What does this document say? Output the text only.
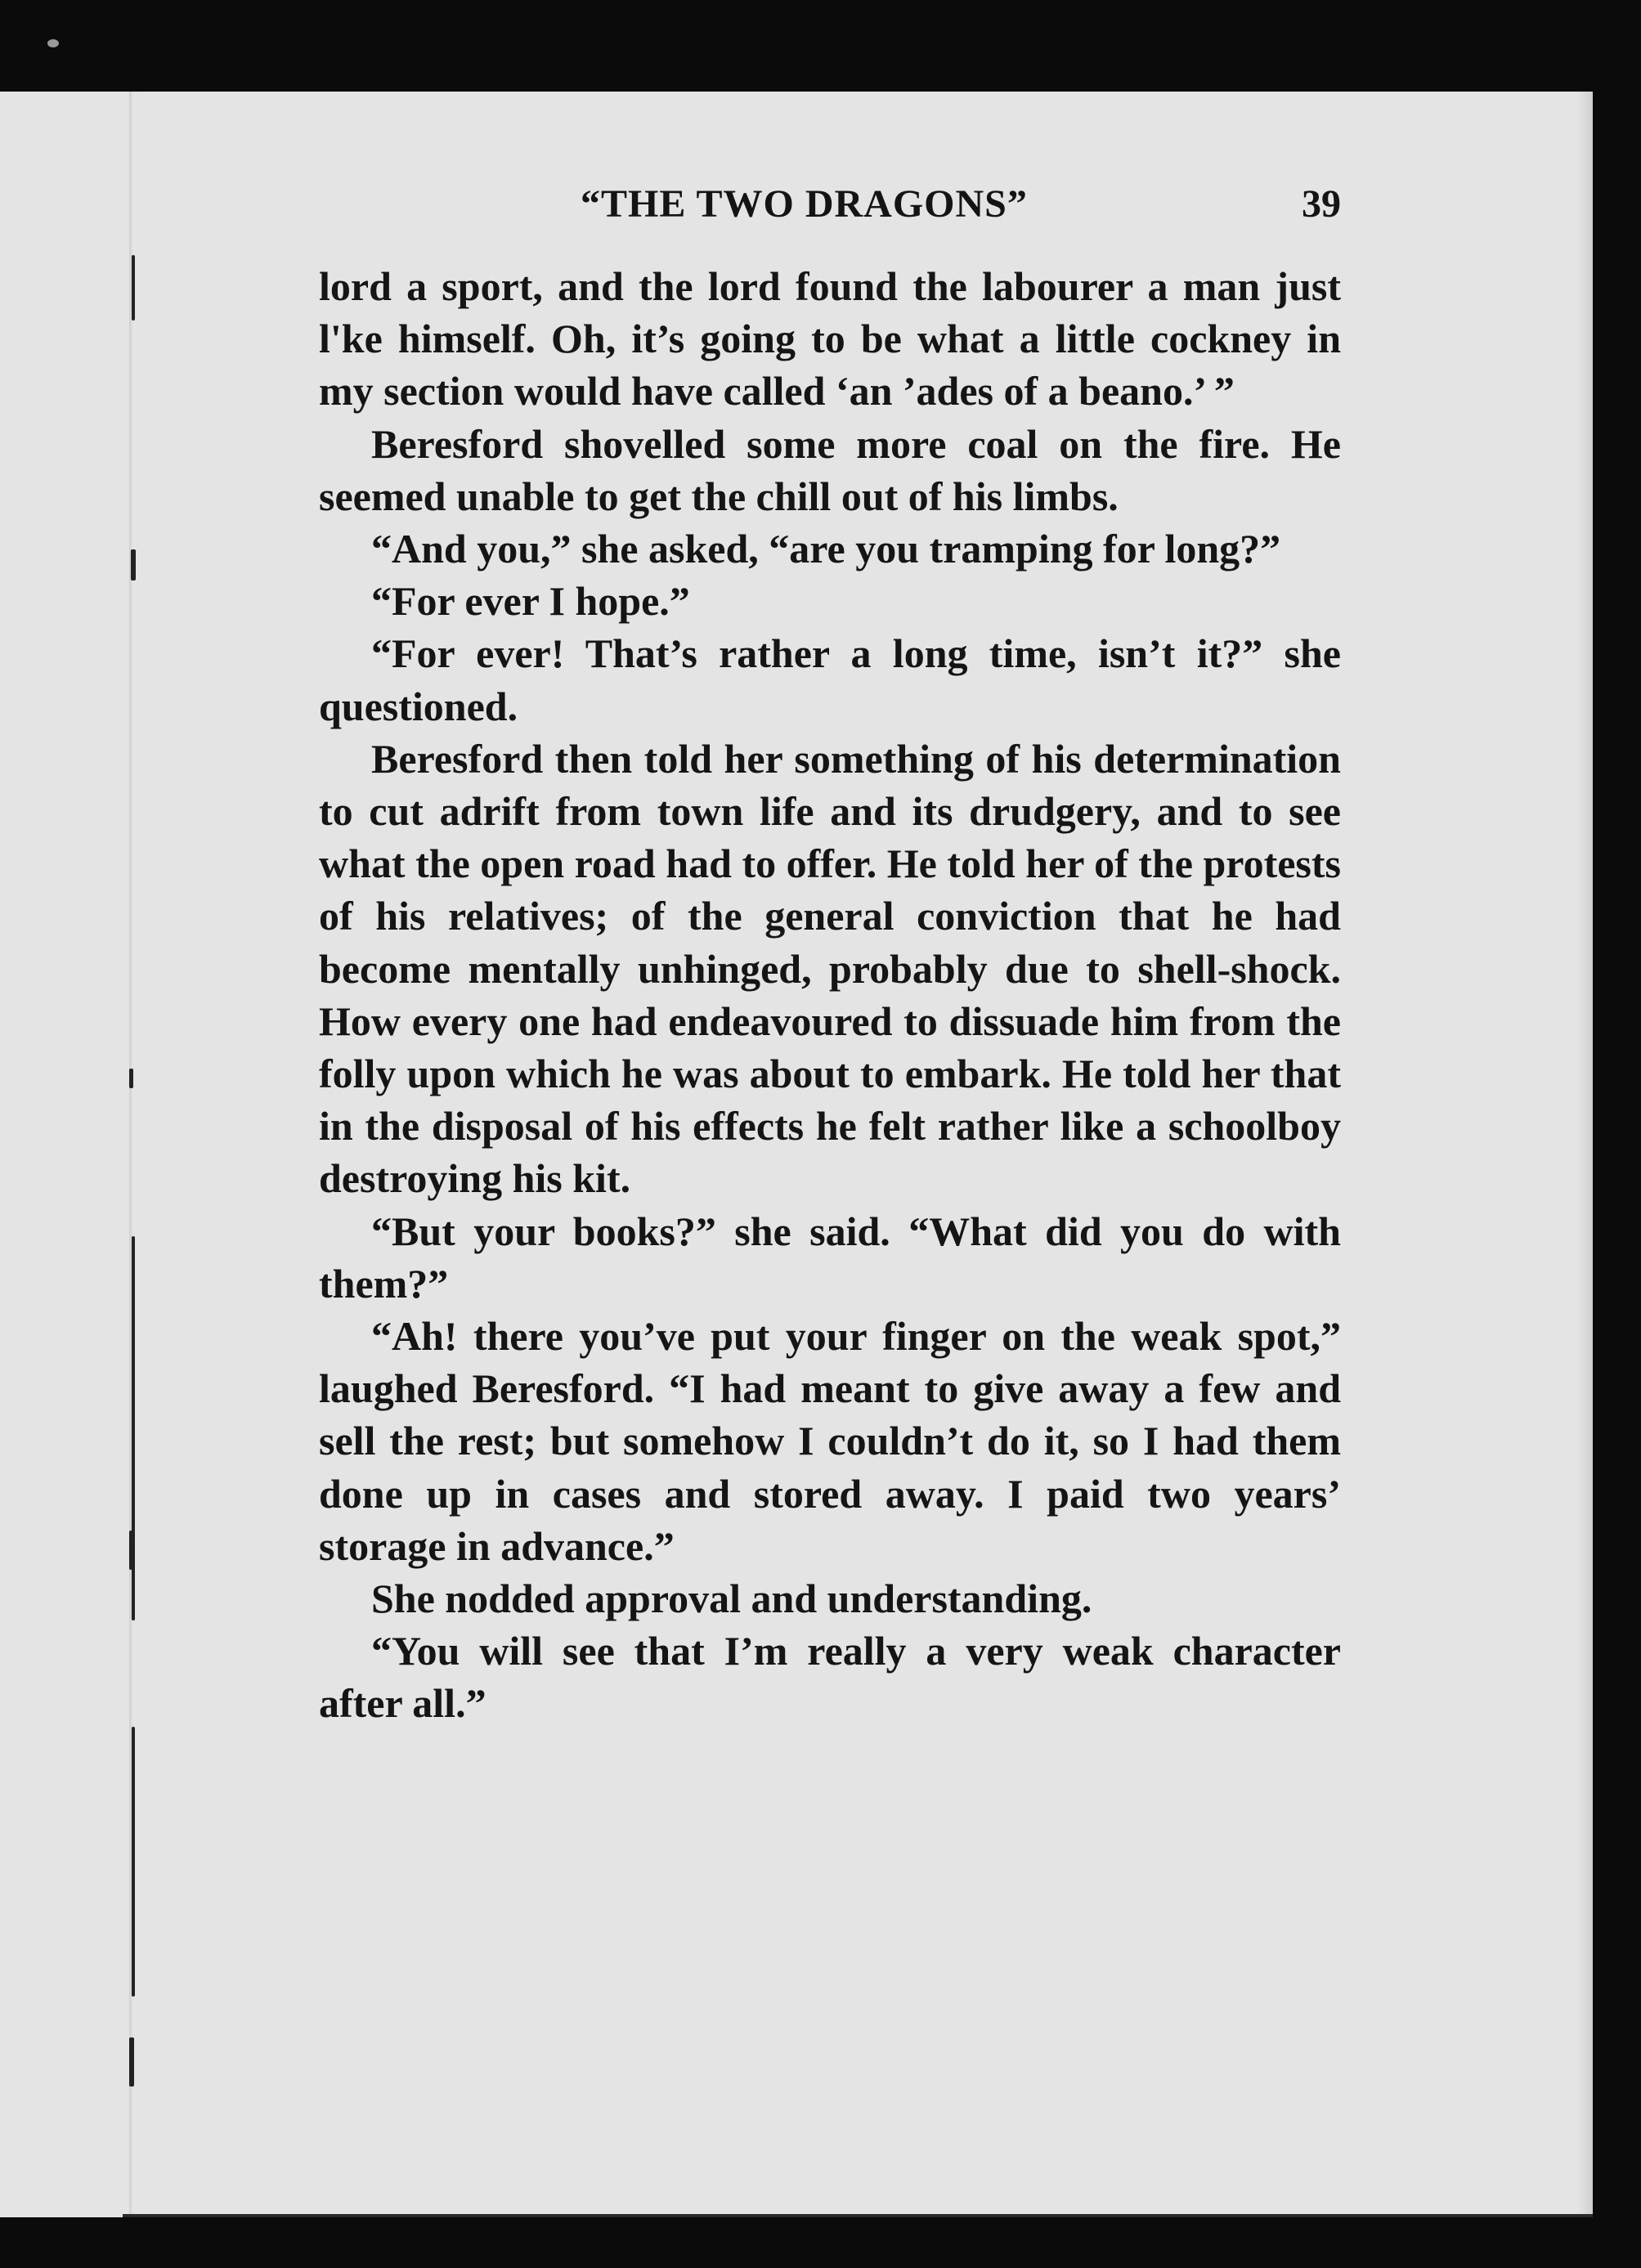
“THE TWO DRAGONS”	39

lord a sport, and the lord found the labourer a man just l'ke himself. Oh, it’s going to be what a little cockney in my section would have called ‘an ’ades of a beano.’ ”

Beresford shovelled some more coal on the fire. He seemed unable to get the chill out of his limbs.

“And you,” she asked, “are you tramping for long?”

“For ever I hope.”

“For ever! That’s rather a long time, isn’t it?” she questioned.

Beresford then told her something of his determination to cut adrift from town life and its drudgery, and to see what the open road had to offer. He told her of the protests of his relatives; of the general conviction that he had become mentally unhinged, probably due to shell-shock. How every one had endeavoured to dissuade him from the folly upon which he was about to embark. He told her that in the disposal of his effects he felt rather like a schoolboy destroying his kit.

“But your books?” she said. “What did you do with them?”

“Ah! there you’ve put your finger on the weak spot,” laughed Beresford. “I had meant to give away a few and sell the rest; but somehow I couldn’t do it, so I had them done up in cases and stored away. I paid two years’ storage in advance.”

She nodded approval and understanding.

“You will see that I’m really a very weak character after all.”
